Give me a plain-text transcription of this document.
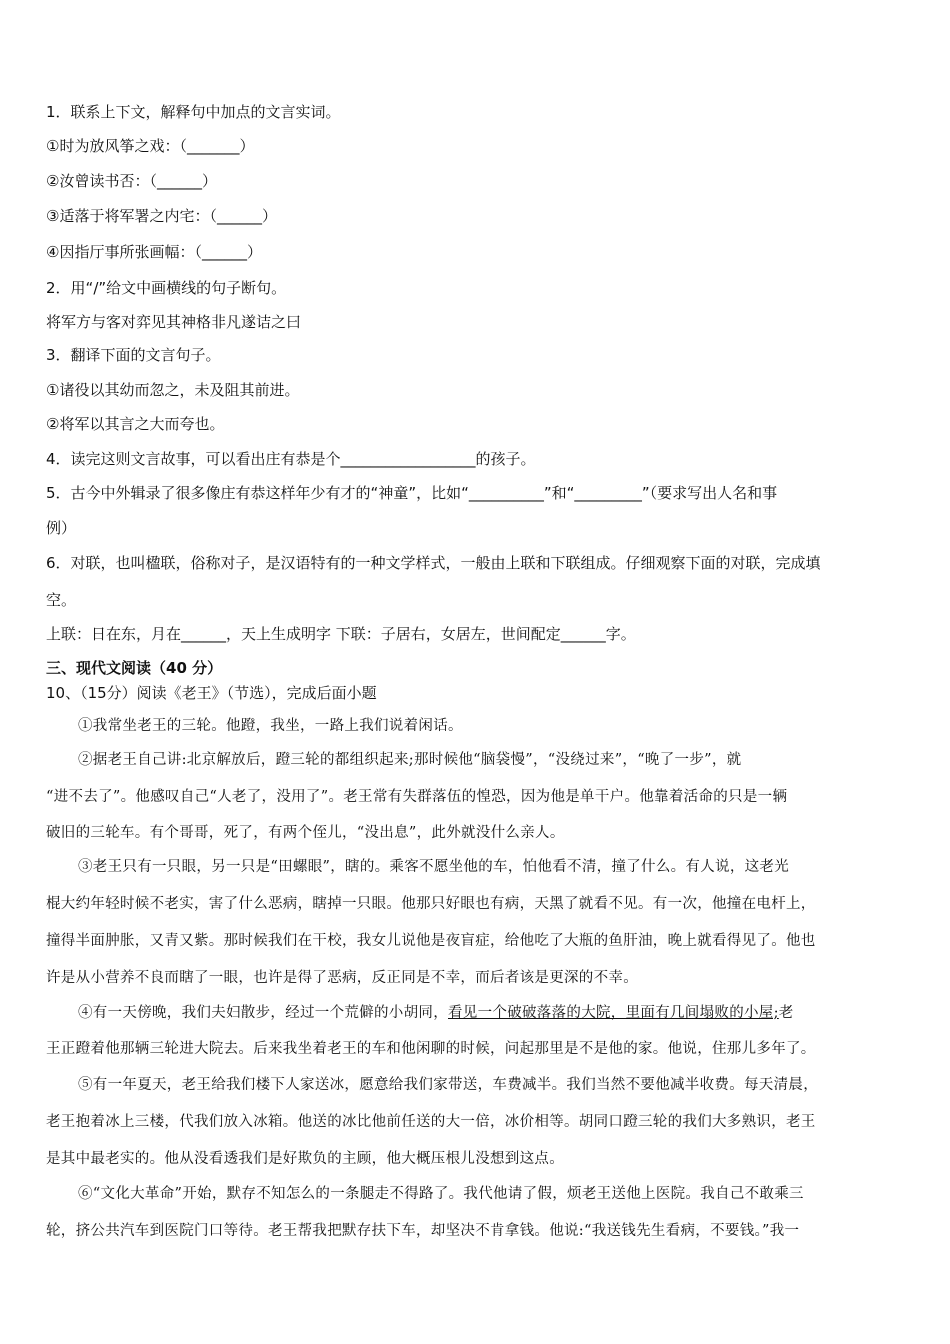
1．联系上下文，解释句中加点的文言实词。
①时为放风筝之戏：（_______）
②汝曾读书否：（______）
③适落于将军署之内宅：（______）
④因指厅事所张画幅：（______）
2．用“/”给文中画横线的句子断句。
将军方与客对弈见其神格非凡遂诘之曰
3．翻译下面的文言句子。
①诸役以其幼而忽之，未及阻其前进。
②将军以其言之大而夸也。
4．读完这则文言故事，可以看出庄有恭是个__________________的孩子。
5．古今中外辑录了很多像庄有恭这样年少有才的“神童”，比如“__________”和“_________”（要求写出人名和事
例）
6．对联，也叫楹联，俗称对子，是汉语特有的一种文学样式，一般由上联和下联组成。仔细观察下面的对联，完成填
空。
上联：日在东，月在______，天上生成明字 下联：子居右，女居左，世间配定______字。
三、现代文阅读（40 分）
10、（15分）阅读《老王》（节选），完成后面小题
①我常坐老王的三轮。他蹬，我坐，一路上我们说着闲话。
②据老王自己讲:北京解放后，蹬三轮的都组织起来;那时候他“脑袋慢”，“没绕过来”，“晚了一步”，就
“进不去了”。他感叹自己“人老了，没用了”。老王常有失群落伍的惶恐，因为他是单干户。他靠着活命的只是一辆
破旧的三轮车。有个哥哥，死了，有两个侄儿，“没出息”，此外就没什么亲人。
③老王只有一只眼，另一只是“田螺眼”，瞎的。乘客不愿坐他的车，怕他看不清，撞了什么。有人说，这老光
棍大约年轻时候不老实，害了什么恶病，瞎掉一只眼。他那只好眼也有病，天黑了就看不见。有一次，他撞在电杆上，
撞得半面肿胀，又青又紫。那时候我们在干校，我女儿说他是夜盲症，给他吃了大瓶的鱼肝油，晚上就看得见了。他也
许是从小营养不良而瞎了一眼，也许是得了恶病，反正同是不幸，而后者该是更深的不幸。
④有一天傍晚，我们夫妇散步，经过一个荒僻的小胡同，看见一个破破落落的大院，里面有几间塌败的小屋;老
王正蹬着他那辆三轮进大院去。后来我坐着老王的车和他闲聊的时候，问起那里是不是他的家。他说，住那儿多年了。
⑤有一年夏天，老王给我们楼下人家送冰，愿意给我们家带送，车费减半。我们当然不要他减半收费。每天清晨，
老王抱着冰上三楼，代我们放入冰箱。他送的冰比他前任送的大一倍，冰价相等。胡同口蹬三轮的我们大多熟识，老王
是其中最老实的。他从没看透我们是好欺负的主顾，他大概压根儿没想到这点。
⑥“文化大革命”开始，默存不知怎么的一条腿走不得路了。我代他请了假，烦老王送他上医院。我自己不敢乘三
轮，挤公共汽车到医院门口等待。老王帮我把默存扶下车，却坚决不肯拿钱。他说:“我送钱先生看病，不要钱。”我一
